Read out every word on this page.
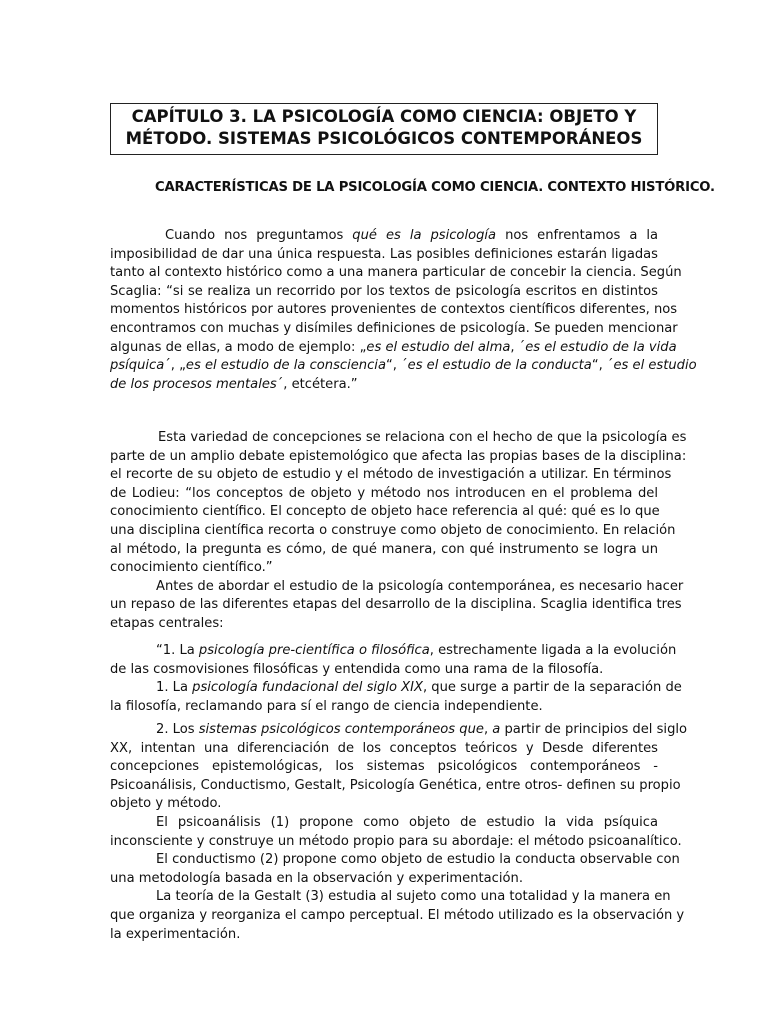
CAPÍTULO 3. LA PSICOLOGÍA COMO CIENCIA: OBJETO Y
MÉTODO. SISTEMAS PSICOLÓGICOS CONTEMPORÁNEOS
CARACTERÍSTICAS DE LA PSICOLOGÍA COMO CIENCIA. CONTEXTO HISTÓRICO.
Cuando nos preguntamos qué es la psicología nos enfrentamos a la
imposibilidad de dar una única respuesta. Las posibles definiciones estarán ligadas
tanto al contexto histórico como a una manera particular de concebir la ciencia. Según
Scaglia: “si se realiza un recorrido por los textos de psicología escritos en distintos
momentos históricos por autores provenientes de contextos científicos diferentes, nos
encontramos con muchas y disímiles definiciones de psicología. Se pueden mencionar
algunas de ellas, a modo de ejemplo: „es el estudio del alma, ´es el estudio de la vida
psíquica´, „es el estudio de la consciencia“, ´es el estudio de la conducta“, ´es el estudio
de los procesos mentales´, etcétera.”
Esta variedad de concepciones se relaciona con el hecho de que la psicología es
parte de un amplio debate epistemológico que afecta las propias bases de la disciplina:
el recorte de su objeto de estudio y el método de investigación a utilizar. En términos
de Lodieu: “los conceptos de objeto y método nos introducen en el problema del
conocimiento científico. El concepto de objeto hace referencia al qué: qué es lo que
una disciplina científica recorta o construye como objeto de conocimiento. En relación
al método, la pregunta es cómo, de qué manera, con qué instrumento se logra un
conocimiento científico.”
Antes de abordar el estudio de la psicología contemporánea, es necesario hacer
un repaso de las diferentes etapas del desarrollo de la disciplina. Scaglia identifica tres
etapas centrales:
“1. La psicología pre-científica o filosófica, estrechamente ligada a la evolución
de las cosmovisiones filosóficas y entendida como una rama de la filosofía.
1. La psicología fundacional del siglo XIX, que surge a partir de la separación de
la filosofía, reclamando para sí el rango de ciencia independiente.
2. Los sistemas psicológicos contemporáneos que, a partir de principios del siglo
XX, intentan una diferenciación de los conceptos teóricos y Desde diferentes
concepciones epistemológicas, los sistemas psicológicos contemporáneos -
Psicoanálisis, Conductismo, Gestalt, Psicología Genética, entre otros- definen su propio
objeto y método.
El psicoanálisis (1) propone como objeto de estudio la vida psíquica
inconsciente y construye un método propio para su abordaje: el método psicoanalítico.
El conductismo (2) propone como objeto de estudio la conducta observable con
una metodología basada en la observación y experimentación.
La teoría de la Gestalt (3) estudia al sujeto como una totalidad y la manera en
que organiza y reorganiza el campo perceptual. El método utilizado es la observación y
la experimentación.
